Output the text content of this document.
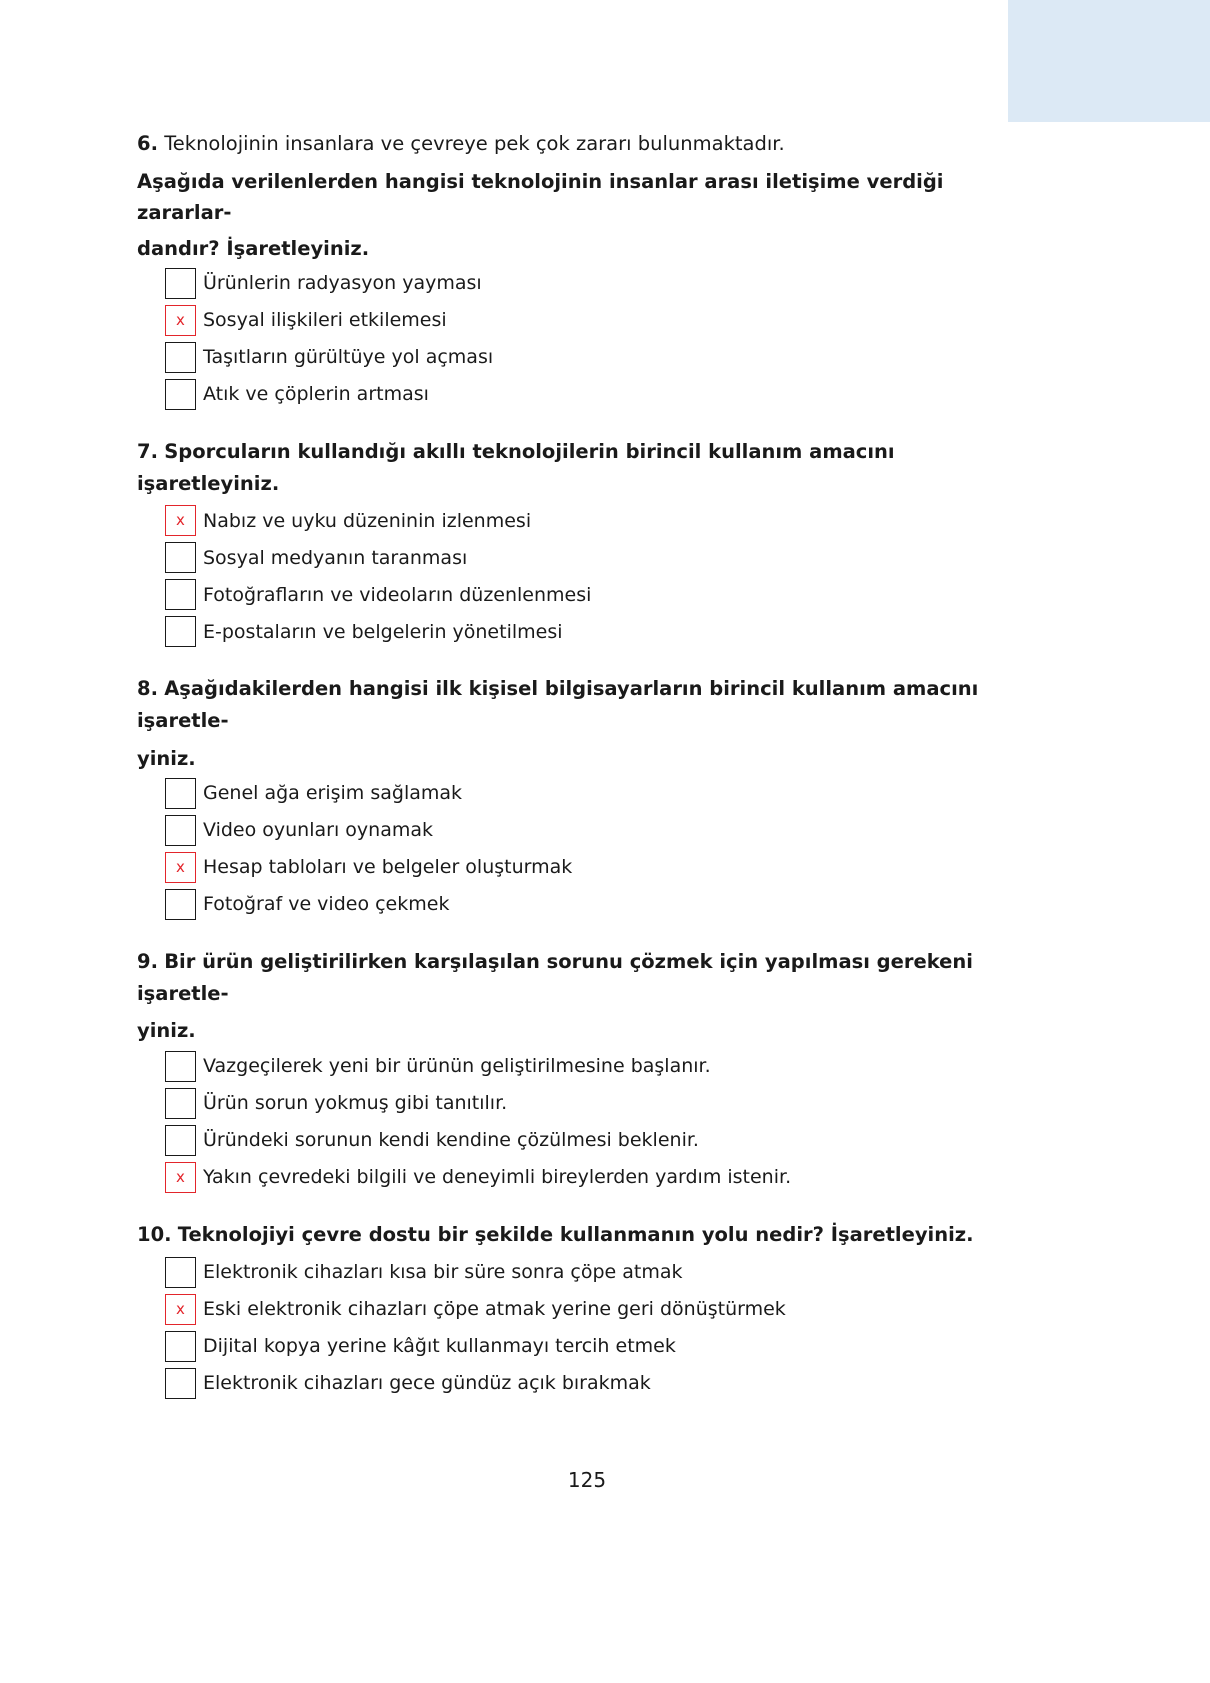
6. Teknolojinin insanlara ve çevreye pek çok zararı bulunmaktadır.
Aşağıda verilenlerden hangisi teknolojinin insanlar arası iletişime verdiği zararlar-
dandır? İşaretleyiniz.
Ürünlerin radyasyon yayması
x Sosyal ilişkileri etkilemesi
Taşıtların gürültüye yol açması
Atık ve çöplerin artması
7. Sporcuların kullandığı akıllı teknolojilerin birincil kullanım amacını işaretleyiniz.
x Nabız ve uyku düzeninin izlenmesi
Sosyal medyanın taranması
Fotoğrafların ve videoların düzenlenmesi
E-postaların ve belgelerin yönetilmesi
8. Aşağıdakilerden hangisi ilk kişisel bilgisayarların birincil kullanım amacını işaretle-
yiniz.
Genel ağa erişim sağlamak
Video oyunları oynamak
x Hesap tabloları ve belgeler oluşturmak
Fotoğraf ve video çekmek
9. Bir ürün geliştirilirken karşılaşılan sorunu çözmek için yapılması gerekeni işaretle-
yiniz.
Vazgeçilerek yeni bir ürünün geliştirilmesine başlanır.
Ürün sorun yokmuş gibi tanıtılır.
Üründeki sorunun kendi kendine çözülmesi beklenir.
x Yakın çevredeki bilgili ve deneyimli bireylerden yardım istenir.
10. Teknolojiyi çevre dostu bir şekilde kullanmanın yolu nedir? İşaretleyiniz.
Elektronik cihazları kısa bir süre sonra çöpe atmak
x Eski elektronik cihazları çöpe atmak yerine geri dönüştürmek
Dijital kopya yerine kâğıt kullanmayı tercih etmek
Elektronik cihazları gece gündüz açık bırakmak
125
